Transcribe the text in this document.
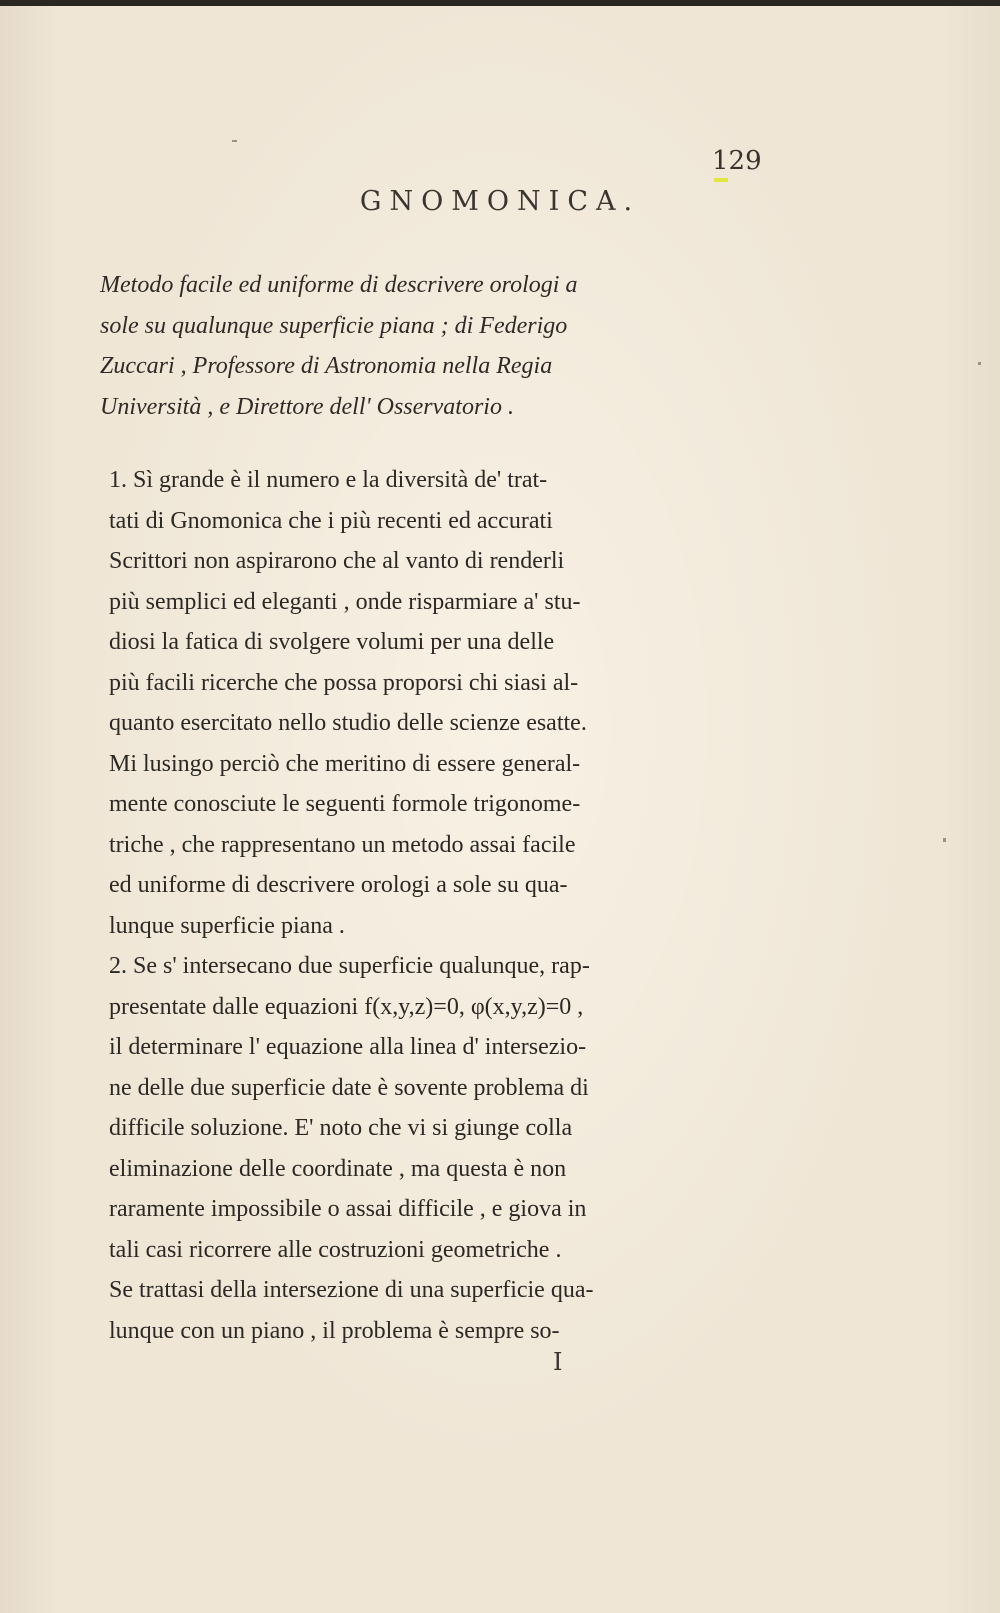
129
GNOMONICA.
Metodo facile ed uniforme di descrivere orologi a
sole su qualunque superficie piana ; di Federigo
Zuccari , Professore di Astronomia nella Regia
Università , e Direttore dell' Osservatorio .
1. Sì grande è il numero e la diversità de' trat-
tati di Gnomonica che i più recenti ed accurati
Scrittori non aspirarono che al vanto di renderli
più semplici ed eleganti , onde risparmiare a' stu-
diosi la fatica di svolgere volumi per una delle
più facili ricerche che possa proporsi chi siasi al-
quanto esercitato nello studio delle scienze esatte.
Mi lusingo perciò che meritino di essere general-
mente conosciute le seguenti formole trigonome-
triche , che rappresentano un metodo assai facile
ed uniforme di descrivere orologi a sole su qua-
lunque superficie piana .
2. Se s' intersecano due superficie qualunque, rap-
presentate dalle equazioni f(x,y,z)=0, φ(x,y,z)=0 ,
il determinare l' equazione alla linea d' intersezio-
ne delle due superficie date è sovente problema di
difficile soluzione. E' noto che vi si giunge colla
eliminazione delle coordinate , ma questa è non
raramente impossibile o assai difficile , e giova in
tali casi ricorrere alle costruzioni geometriche .
Se trattasi della intersezione di una superficie qua-
lunque con un piano , il problema è sempre so-
I
